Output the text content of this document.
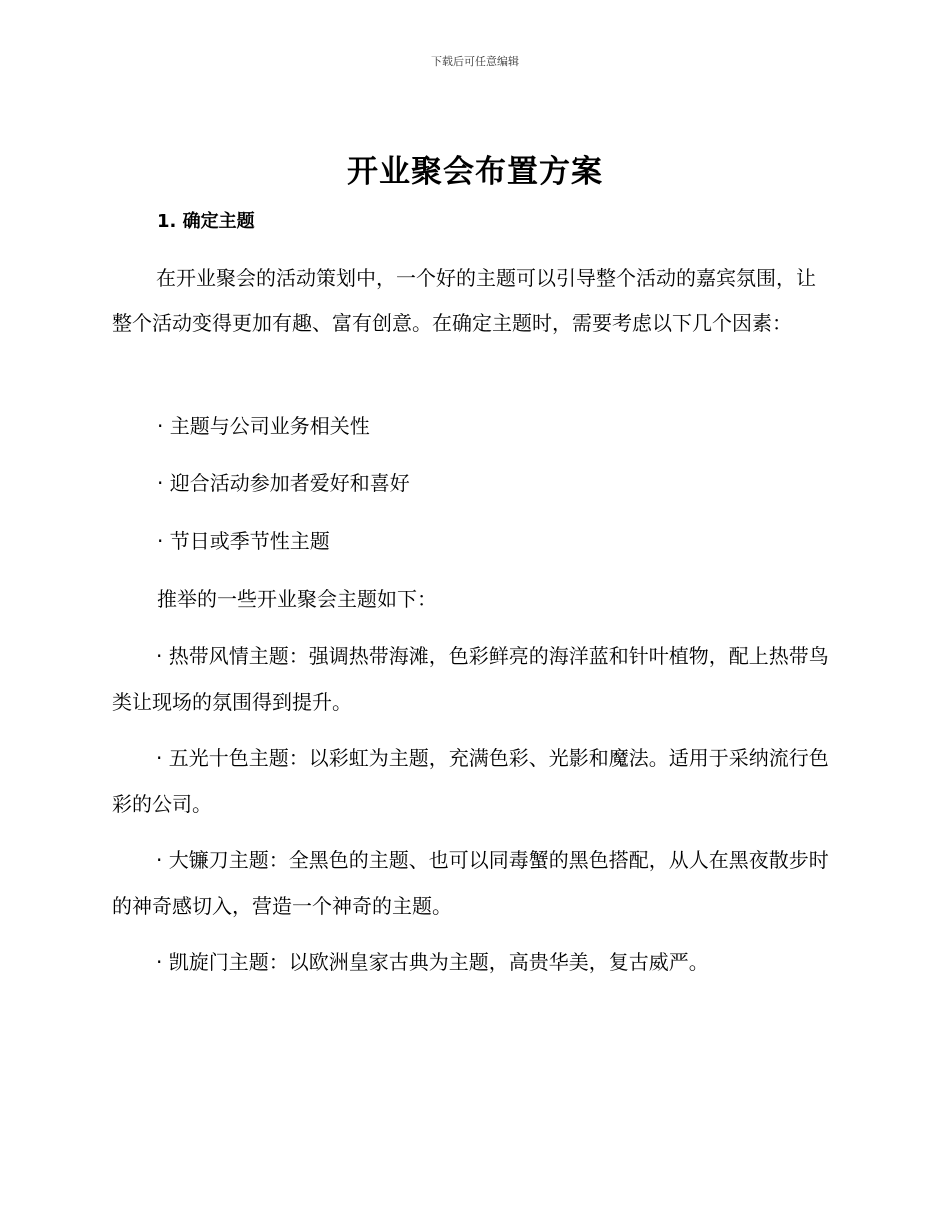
下载后可任意编辑
开业聚会布置方案
1. 确定主题

在开业聚会的活动策划中，一个好的主题可以引导整个活动的嘉宾氛围，让整个活动变得更加有趣、富有创意。在确定主题时，需要考虑以下几个因素：

· 主题与公司业务相关性

· 迎合活动参加者爱好和喜好

· 节日或季节性主题

推举的一些开业聚会主题如下：

· 热带风情主题：强调热带海滩，色彩鲜亮的海洋蓝和针叶植物，配上热带鸟类让现场的氛围得到提升。

· 五光十色主题：以彩虹为主题，充满色彩、光影和魔法。适用于采纳流行色彩的公司。

· 大镰刀主题：全黑色的主题、也可以同毒蟹的黑色搭配，从人在黑夜散步时的神奇感切入，营造一个神奇的主题。

· 凯旋门主题：以欧洲皇家古典为主题，高贵华美，复古威严。
